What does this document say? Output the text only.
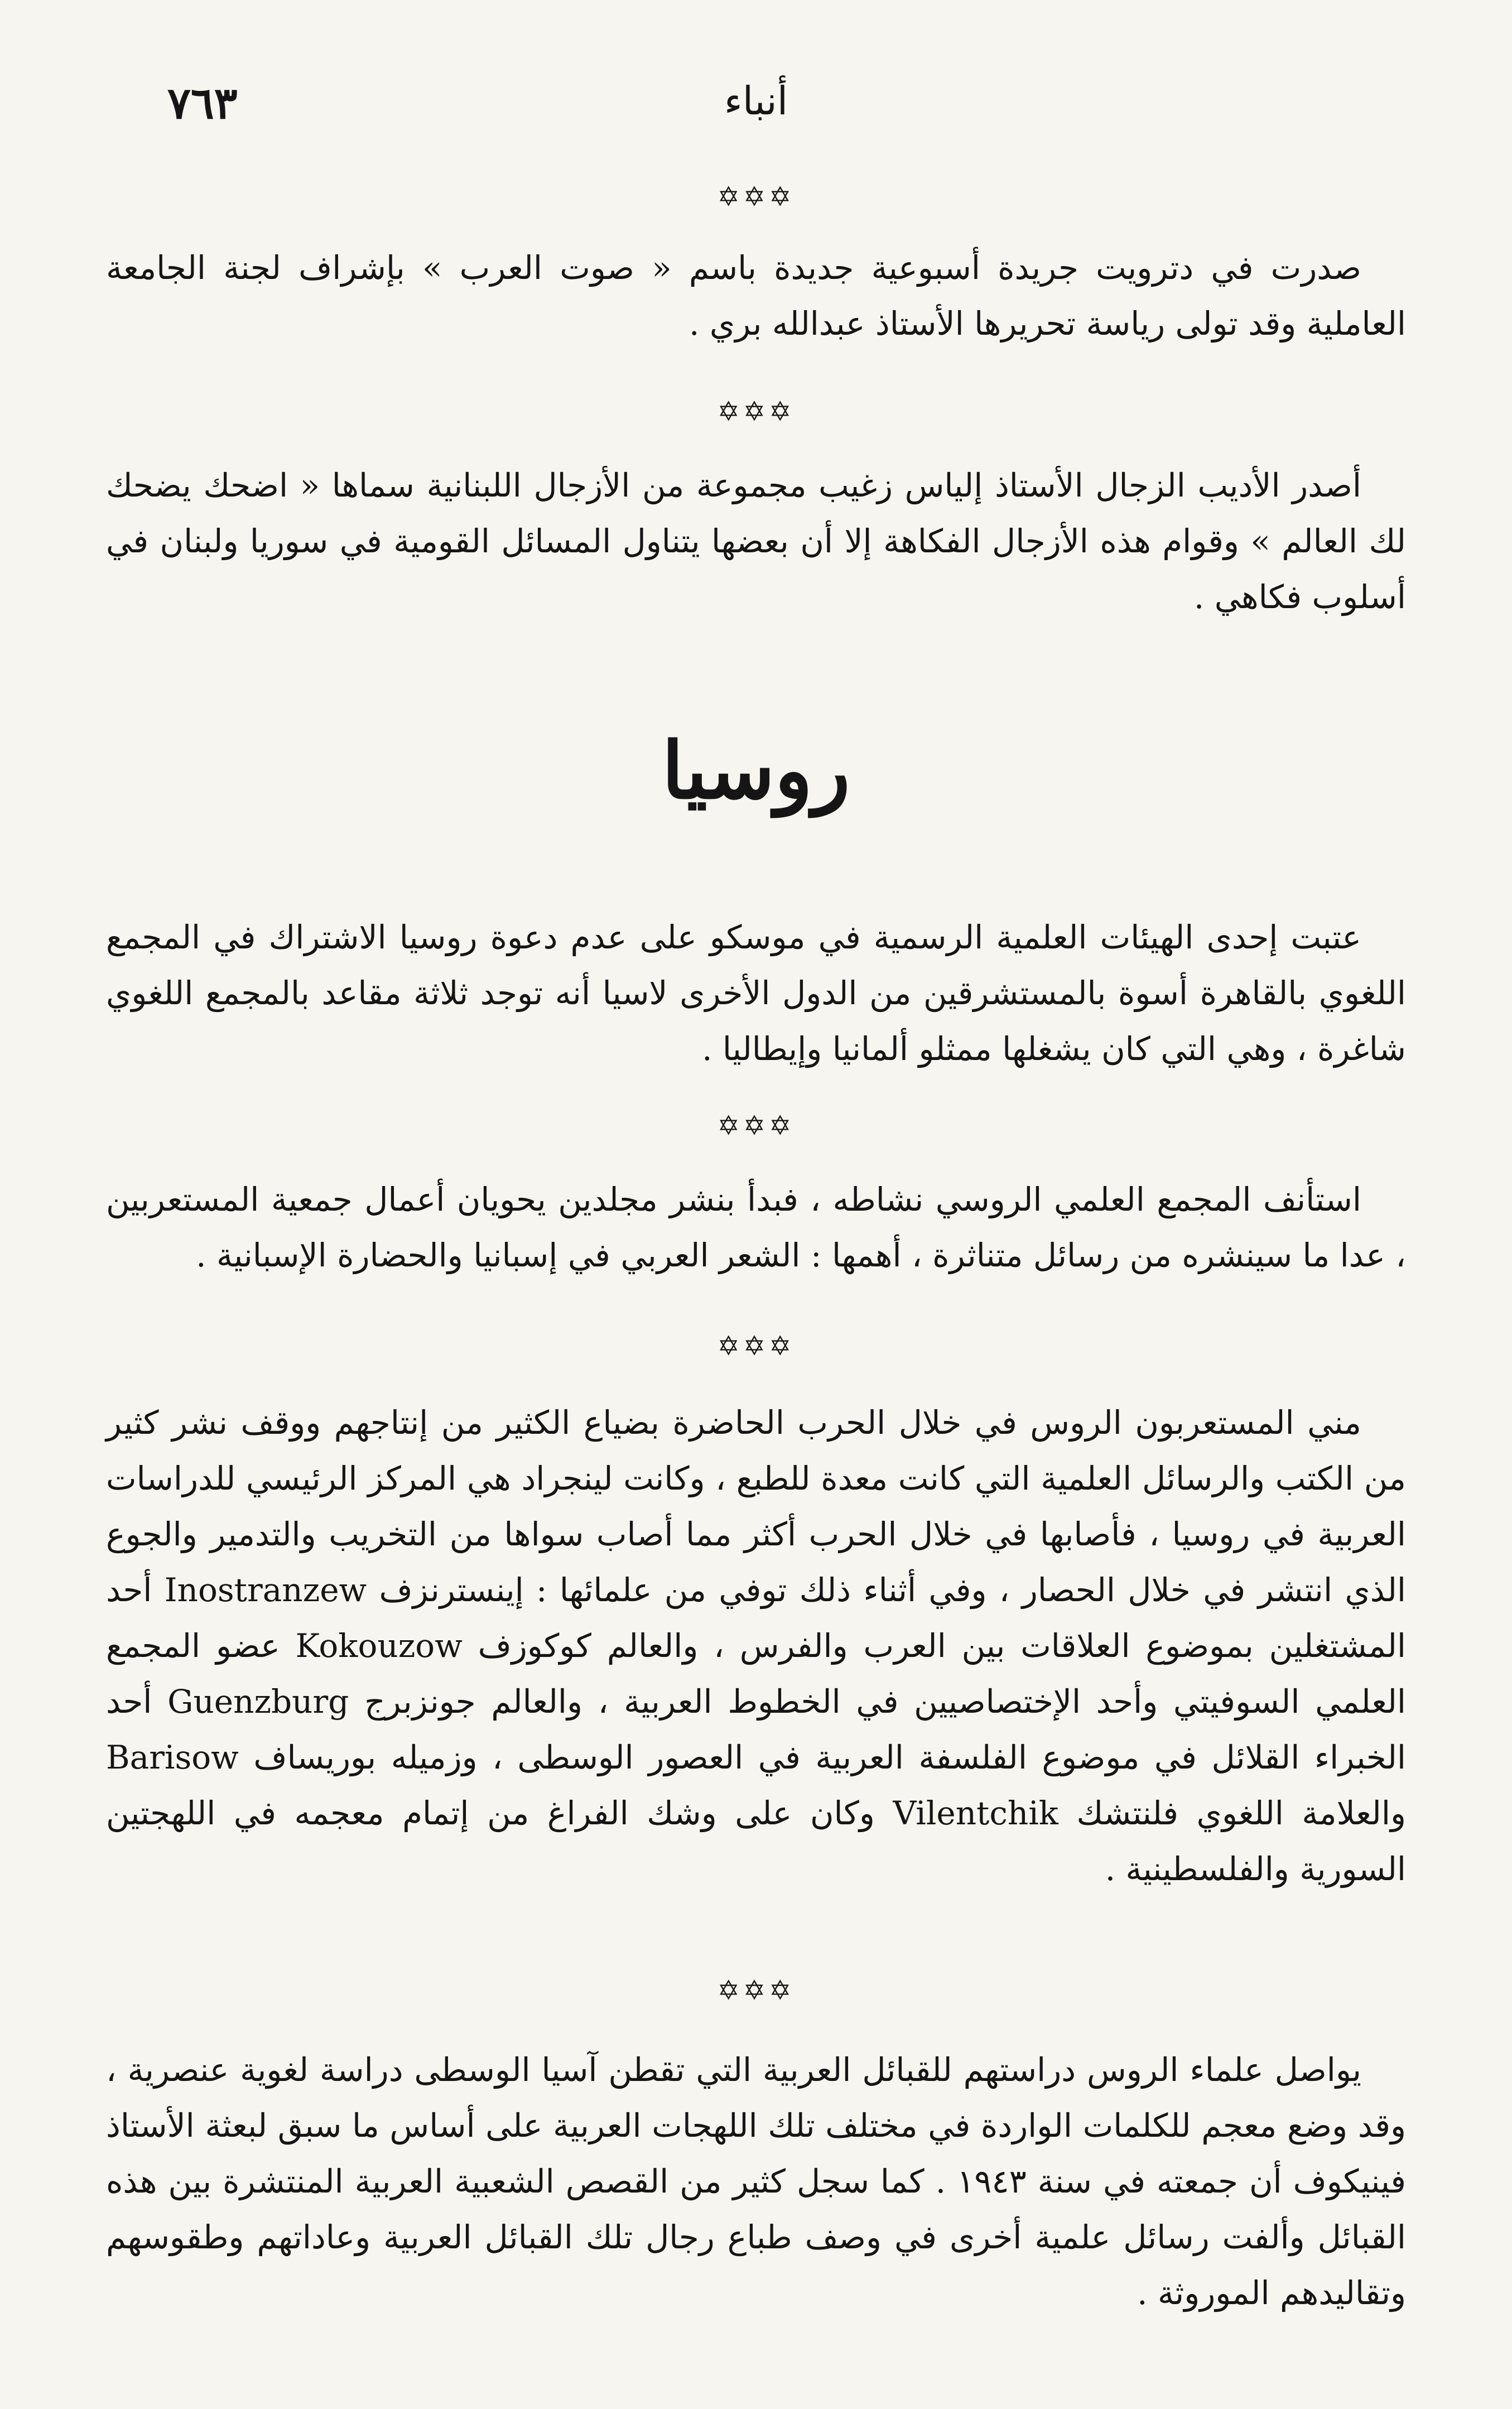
٧٦٣	أنباء
✡✡✡

صدرت في دترويت جريدة أسبوعية جديدة باسم « صوت العرب » بإشراف لجنة الجامعة العاملية وقد تولى رياسة تحريرها الأستاذ عبدالله بري .

✡✡✡

أصدر الأديب الزجال الأستاذ إلياس زغيب مجموعة من الأزجال اللبنانية سماها « اضحك يضحك لك العالم » وقوام هذه الأزجال الفكاهة إلا أن بعضها يتناول المسائل القومية في سوريا ولبنان في أسلوب فكاهي .

روسيا

عتبت إحدى الهيئات العلمية الرسمية في موسكو على عدم دعوة روسيا الاشتراك في المجمع اللغوي بالقاهرة أسوة بالمستشرقين من الدول الأخرى لاسيا أنه توجد ثلاثة مقاعد بالمجمع اللغوي شاغرة ، وهي التي كان يشغلها ممثلو ألمانيا وإيطاليا .

✡✡✡

استأنف المجمع العلمي الروسي نشاطه ، فبدأ بنشر مجلدين يحويان أعمال جمعية المستعربين ، عدا ما سينشره من رسائل متناثرة ، أهمها : الشعر العربي في إسبانيا والحضارة الإسبانية .

✡✡✡

مني المستعربون الروس في خلال الحرب الحاضرة بضياع الكثير من إنتاجهم ووقف نشر كثير من الكتب والرسائل العلمية التي كانت معدة للطبع ، وكانت لينجراد هي المركز الرئيسي للدراسات العربية في روسيا ، فأصابها في خلال الحرب أكثر مما أصاب سواها من التخريب والتدمير والجوع الذي انتشر في خلال الحصار ، وفي أثناء ذلك توفي من علمائها : إينسترنزف Inostranzew أحد المشتغلين بموضوع العلاقات بين العرب والفرس ، والعالم كوكوزف Kokouzow عضو المجمع العلمي السوفيتي وأحد الإختصاصيين في الخطوط العربية ، والعالم جونزبرج Guenzburg أحد الخبراء القلائل في موضوع الفلسفة العربية في العصور الوسطى ، وزميله بوريساف Barisow والعلامة اللغوي فلنتشك Vilentchik وكان على وشك الفراغ من إتمام معجمه في اللهجتين السورية والفلسطينية .

✡✡✡

يواصل علماء الروس دراستهم للقبائل العربية التي تقطن آسيا الوسطى دراسة لغوية عنصرية ، وقد وضع معجم للكلمات الواردة في مختلف تلك اللهجات العربية على أساس ما سبق لبعثة الأستاذ فينيكوف أن جمعته في سنة ١٩٤٣ . كما سجل كثير من القصص الشعبية العربية المنتشرة بين هذه القبائل وألفت رسائل علمية أخرى في وصف طباع رجال تلك القبائل العربية وعاداتهم وطقوسهم وتقاليدهم الموروثة .
